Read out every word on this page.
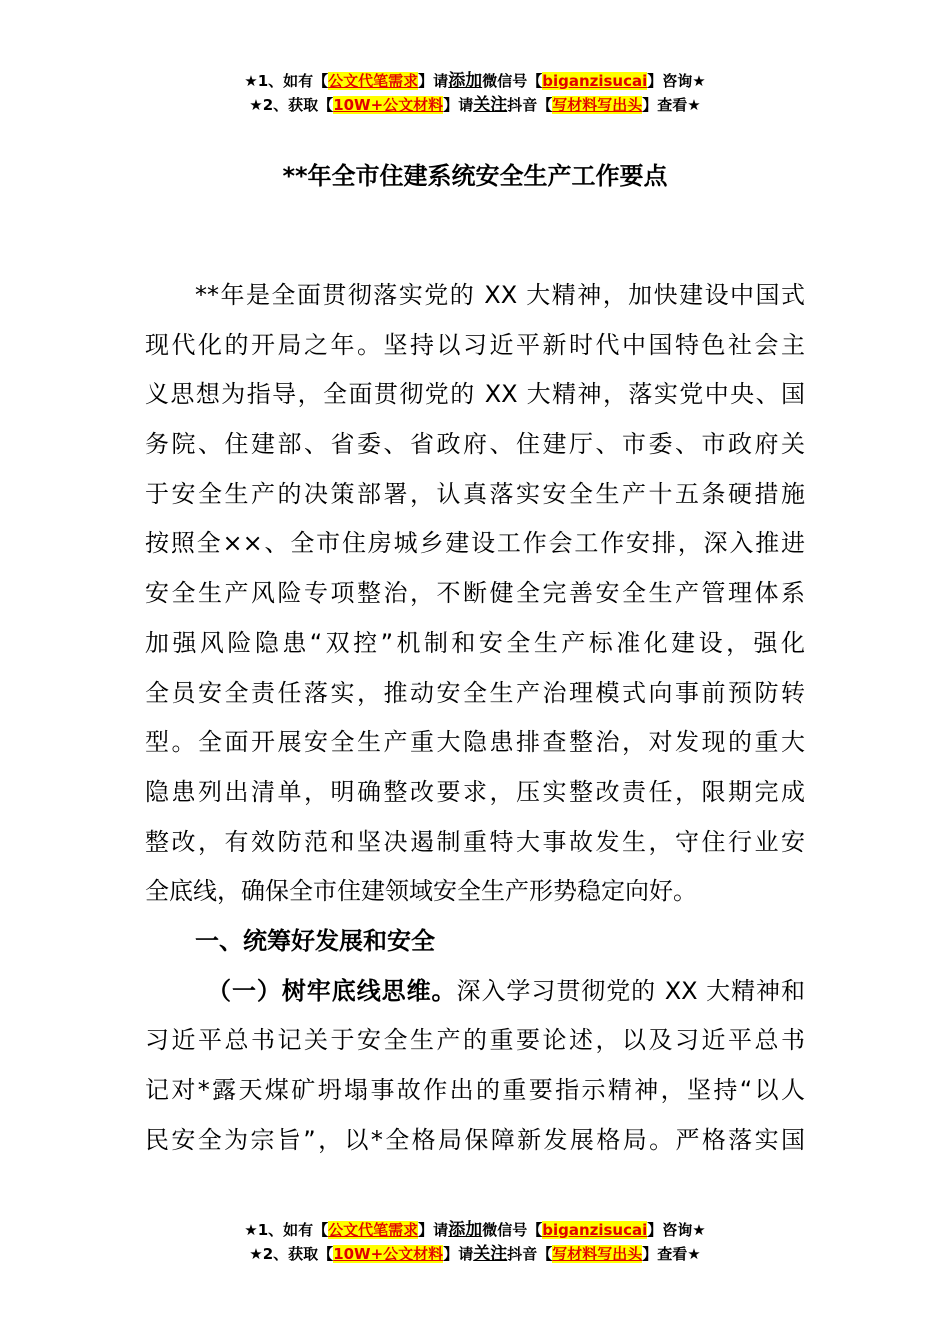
★1、如有【公文代笔需求】请添加微信号【biganzisucai】咨询★
★2、获取【10W+公文材料】请关注抖音【写材料写出头】查看★
**年全市住建系统安全生产工作要点
**年是全面贯彻落实党的 XX 大精神，加快建设中国式
现代化的开局之年。坚持以习近平新时代中国特色社会主
义思想为指导，全面贯彻党的 XX 大精神，落实党中央、国
务院、住建部、省委、省政府、住建厅、市委、市政府关
于安全生产的决策部署，认真落实安全生产十五条硬措施
按照全××、全市住房城乡建设工作会工作安排，深入推进
安全生产风险专项整治，不断健全完善安全生产管理体系
加强风险隐患“双控”机制和安全生产标准化建设，强化
全员安全责任落实，推动安全生产治理模式向事前预防转
型。全面开展安全生产重大隐患排查整治，对发现的重大
隐患列出清单，明确整改要求，压实整改责任，限期完成
整改，有效防范和坚决遏制重特大事故发生，守住行业安
全底线，确保全市住建领域安全生产形势稳定向好。
一、统筹好发展和安全
（一）树牢底线思维。深入学习贯彻党的 XX 大精神和
习近平总书记关于安全生产的重要论述，以及习近平总书
记对*露天煤矿坍塌事故作出的重要指示精神，坚持“以人
民安全为宗旨”，以*全格局保障新发展格局。严格落实国
★1、如有【公文代笔需求】请添加微信号【biganzisucai】咨询★
★2、获取【10W+公文材料】请关注抖音【写材料写出头】查看★
